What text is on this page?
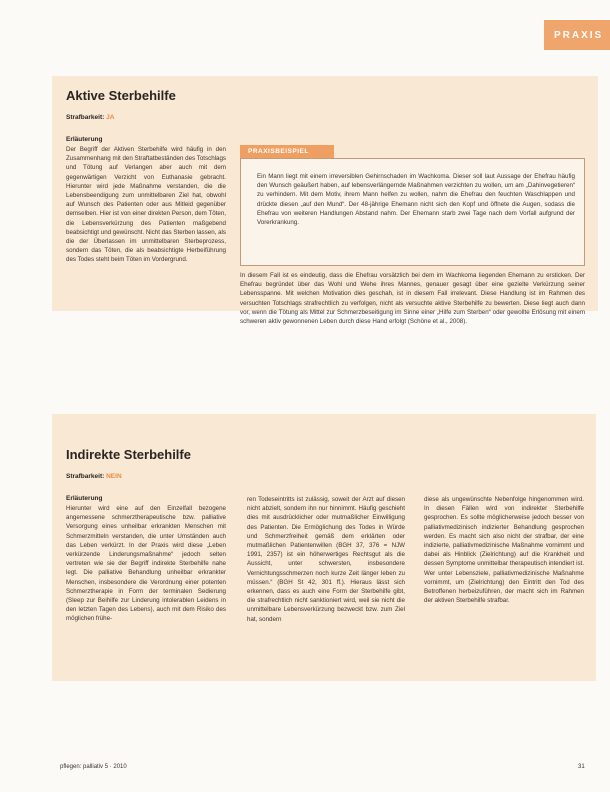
PRAXIS
Aktive Sterbehilfe
Strafbarkeit: JA
Erläuterung

Der Begriff der Aktiven Sterbehilfe wird häufig in den Zusammenhang mit den Straftatbeständen des Totschlags und Tötung auf Verlangen aber auch mit dem gegenwärtigen Verzicht von Euthanasie gebracht. Hierunter wird jede Maßnahme verstanden, die die Lebensbeendigung zum unmittelbaren Ziel hat, obwohl auf Wunsch des Patienten oder aus Mitleid gegenüber demselben. Hier ist von einer direkten Person, dem Töten, die Lebensverkürzung des Patienten maßgebend beabsichtigt und gewünscht. Nicht das Sterben lassen, als die der Überlassen im unmittelbaren Sterbeprozess, sondern das Töten, die als beabsichtigte Herbeiführung des Todes steht beim Töten im Vordergrund.

PRAXISBEISPIEL

Ein Mann liegt mit einem irreversiblen Gehirnschaden im Wachkoma. Dieser soll laut Aussage der Ehefrau häufig den Wunsch geäußert haben, auf lebensverlängernde Maßnahmen verzichten zu wollen, um am „Dahinvegetieren“ zu verhindern. Mit dem Motiv, ihrem Mann helfen zu wollen, nahm die Ehefrau den feuchten Waschlappen und drückte diesen „auf den Mund“. Der 48-jährige Ehemann nicht sich den Kopf und öffnete die Augen, sodass die Ehefrau von weiteren Handlungen Abstand nahm. Der Ehemann starb zwei Tage nach dem Vorfall aufgrund der Vorerkrankung.

In diesem Fall ist es eindeutig, dass die Ehefrau vorsätzlich bei dem im Wachkoma liegenden Ehemann zu ersticken. Der Ehefrau begründet über das Wohl und Wehe ihres Mannes, genauer gesagt über eine gezielte Verkürzung seiner Lebensspanne. Mit welchen Motivation dies geschah, ist in diesem Fall irrelevant. Diese Handlung ist im Rahmen des versuchten Totschlags strafrechtlich zu verfolgen, nicht als versuchte aktive Sterbehilfe zu bewerten. Diese liegt auch dann vor, wenn die Tötung als Mittel zur Schmerzbeseitigung im Sinne einer „Hilfe zum Sterben“ oder gewollte Erlösung mit einem schweren aktiv gewonnenen Leben durch diese Hand erfolgt (Schöne et al., 2008).

Indirekte Sterbehilfe
Strafbarkeit: NEIN
Erläuterung

Hierunter wird eine auf den Einzelfall bezogene angemessene schmerztherapeutische bzw. palliative Versorgung eines unheilbar erkrankten Menschen mit Schmerzmitteln verstanden, die unter Umständen auch das Leben verkürzt. In der Praxis wird diese „Leben verkürzende Linderungsmaßnahme“ jedoch selten vertreten wie sie der Begriff indirekte Sterbehilfe nahe legt. Die palliative Behandlung unheilbar erkrankter Menschen, insbesondere die Verordnung einer potenten Schmerztherapie in Form der terminalen Sedierung (Sleep zur Beihilfe zur Linderung intolerablen Leidens in den letzten Tagen des Lebens), auch mit dem Risiko des möglichen frühe-

ren Todeseintritts ist zulässig, soweit der Arzt auf diesen nicht abzielt, sondern ihn nur hinnimmt. Häufig geschieht dies mit ausdrücklicher oder mutmaßlicher Einwilligung des Patienten. Die Ermöglichung des Todes in Würde und Schmerzfreiheit gemäß dem erklärten oder mutmaßlichen Patientenwillen (BGH 37, 376 = NJW 1991, 2357) ist ein höherwertiges Rechtsgut als die Aussicht, unter schwersten, insbesondere Vernichtungsschmerzen noch kurze Zeit länger leben zu müssen.“ (BGH St 42, 301 ff.). Hieraus lässt sich erkennen, dass es auch eine Form der Sterbehilfe gibt, die strafrechtlich nicht sanktioniert wird, weil sie nicht die unmittelbare Lebensverkürzung bezweckt bzw. zum Ziel hat, sondern

diese als ungewünschte Nebenfolge hingenommen wird. In diesen Fällen wird von indirekter Sterbehilfe gesprochen. Es sollte möglicherweise jedoch besser von palliativmedizinisch indizierter Behandlung gesprochen werden. Es macht sich also nicht der strafbar, der eine indizierte, palliativmedizinische Maßnahme vornimmt und dabei als Hinblick (Zielrichtung) auf die Krankheit und dessen Symptome unmittelbar therapeutisch intendiert ist. Wer unter Lebensziele, palliativmedizinische Maßnahme vornimmt, um (Zielrichtung) den Eintritt den Tod des Betroffenen herbeizuführen, der macht sich im Rahmen der aktiven Sterbehilfe strafbar.

pflegen: palliativ 5 · 2010	31
